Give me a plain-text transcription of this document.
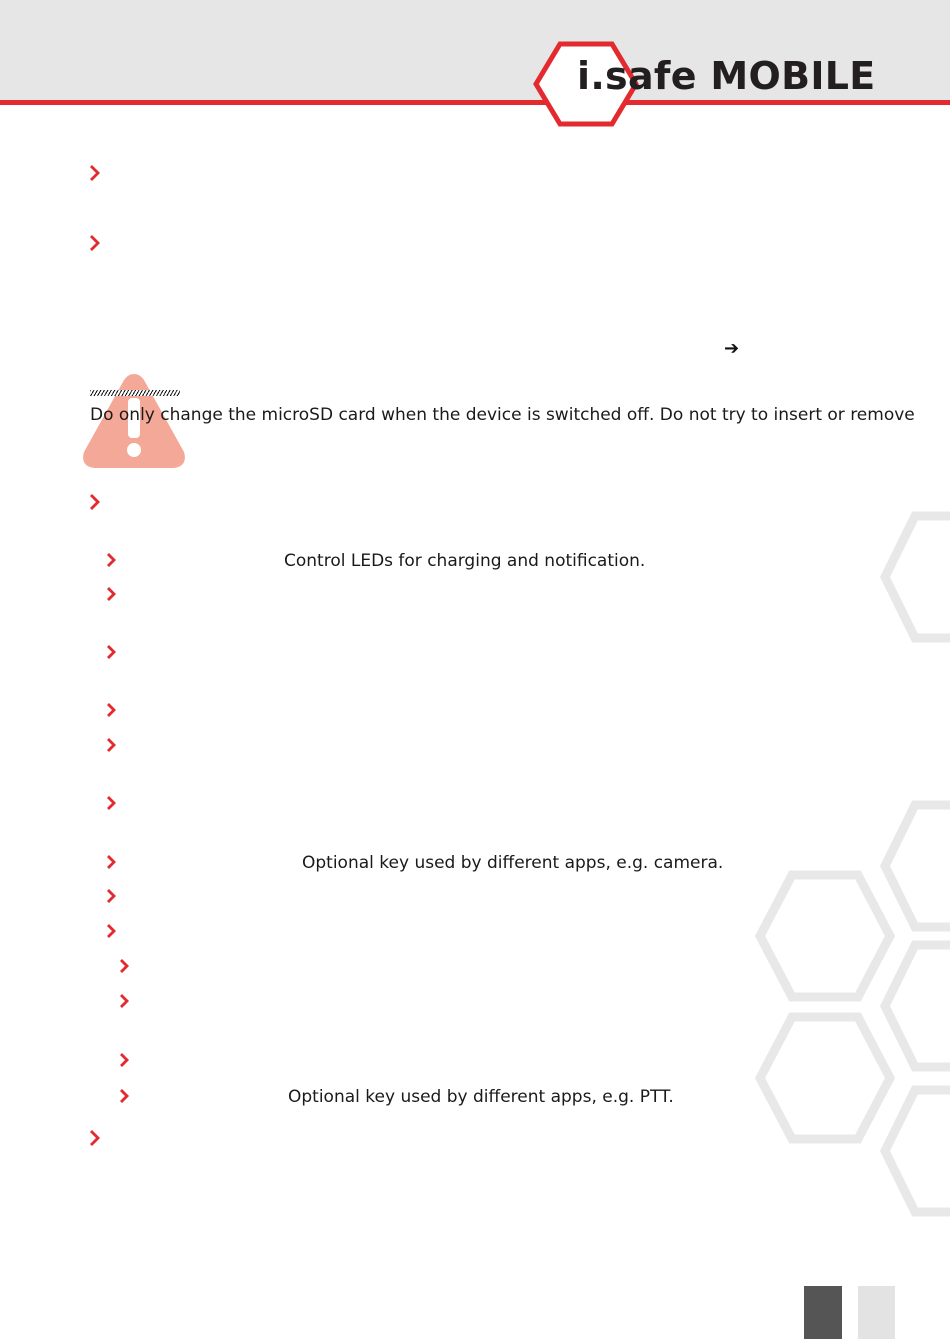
i.safe MOBILE
➔
Do only change the microSD card when the device is switched off. Do not try to insert or remove
Control LEDs for charging and notification.
Optional key used by different apps, e.g. camera.
Optional key used by different apps, e.g. PTT.
